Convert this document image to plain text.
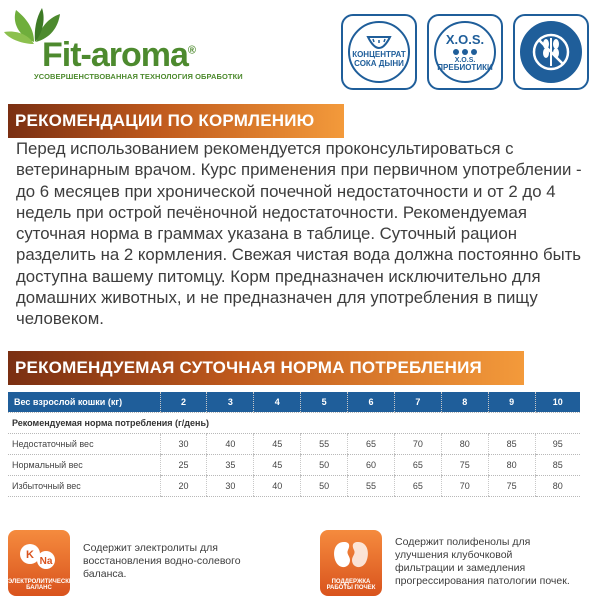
Fit-aroma®
УСОВЕРШЕНСТВОВАННАЯ ТЕХНОЛОГИЯ ОБРАБОТКИ
КОНЦЕНТРАТ
СОКА ДЫНИ
X.O.S.
X.O.S.
ПРЕБИОТИКИ
РЕКОМЕНДАЦИИ ПО КОРМЛЕНИЮ
Перед использованием рекомендуется проконсультироваться с ветеринарным врачом. Курс применения при первичном употреблении - до 6 месяцев при хронической почечной недостаточности и от 2 до 4 недель при острой печёночной недостаточности. Рекомендуемая суточная норма в граммах указана в таблице. Суточный рацион разделить на 2 кормления. Свежая чистая вода должна постоянно быть доступна вашему питомцу. Корм предназначен исключительно для домашних животных, и не предназначен для употребления в пищу человеком.
РЕКОМЕНДУЕМАЯ СУТОЧНАЯ НОРМА ПОТРЕБЛЕНИЯ
Вес взрослой кошки (кг)	2	3	4	5	6	7	8	9	10
Рекомендуемая норма потребления (г/день)									
Недостаточный вес	30	40	45	55	65	70	80	85	95
Нормальный вес	25	35	45	50	60	65	75	80	85
Избыточный вес	20	30	40	50	55	65	70	75	80
K
Na
ЭЛЕКТРОЛИТИЧЕСКИЙ БАЛАНС
Содержит электролиты для
восстановления водно-солевого
баланса.
ПОДДЕРЖКА
РАБОТЫ ПОЧЕК
Содержит полифенолы для
улучшения клубочковой
фильтрации и замедления
прогрессирования патологии почек.
